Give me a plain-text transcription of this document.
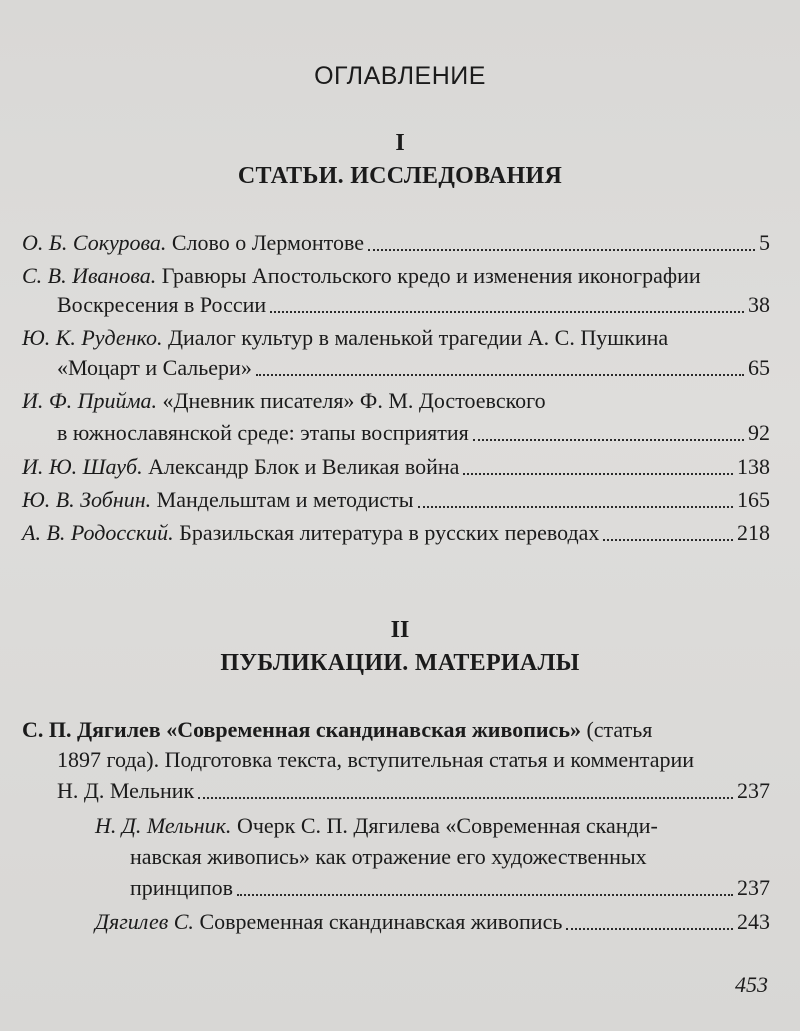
ОГЛАВЛЕНИЕ
I
СТАТЬИ. ИССЛЕДОВАНИЯ
О. Б. Сокурова. Слово о Лермонтове	5
С. В. Иванова. Гравюры Апостольского кредо и изменения иконографии
Воскресения в России	38
Ю. К. Руденко. Диалог культур в маленькой трагедии А. С. Пушкина
«Моцарт и Сальери»	65
И. Ф. Прийма. «Дневник писателя» Ф. М. Достоевского
в южнославянской среде: этапы восприятия	92
И. Ю. Шауб. Александр Блок и Великая война	138
Ю. В. Зобнин. Мандельштам и методисты	165
А. В. Родосский. Бразильская литература в русских переводах	218
II
ПУБЛИКАЦИИ. МАТЕРИАЛЫ
С. П. Дягилев «Современная скандинавская живопись» (статья
1897 года). Подготовка текста, вступительная статья и комментарии
Н. Д. Мельник	237
Н. Д. Мельник. Очерк С. П. Дягилева «Современная сканди-
навская живопись» как отражение его художественных
принципов	237
Дягилев С. Современная скандинавская живопись	243
453
